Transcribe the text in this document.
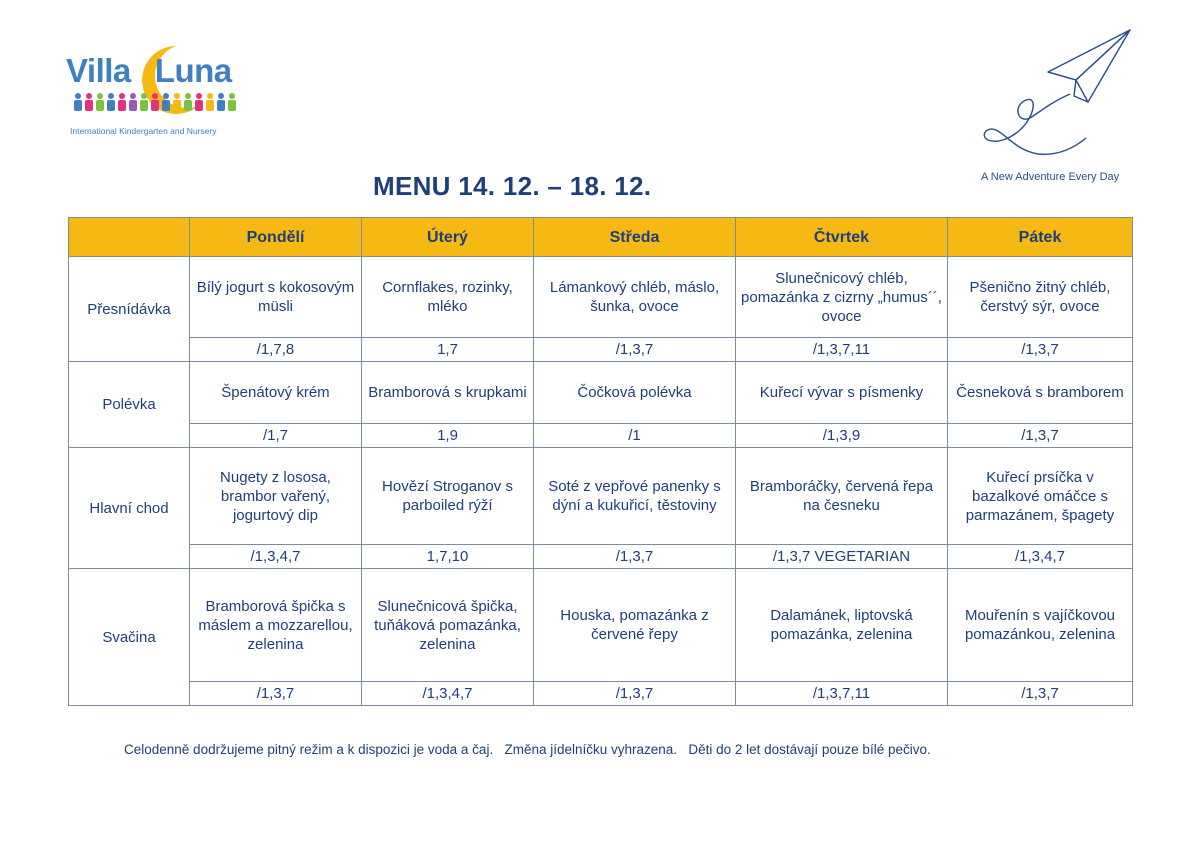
Villa Luna
International Kindergarten and Nursery
A New Adventure Every Day
MENU 14. 12. – 18. 12.
	Pondělí	Úterý	Středa	Čtvrtek	Pátek
Přesnídávka	Bílý jogurt s kokosovým müsli	Cornflakes, rozinky, mléko	Lámankový chléb, máslo, šunka, ovoce	Slunečnicový chléb, pomazánka z cizrny „humus´´, ovoce	Pšeničnо žitný chléb, čerstvý sýr, ovoce
	/1,7,8	1,7	/1,3,7	/1,3,7,11	/1,3,7
Polévka	Špenátový krém	Bramborová s krupkami	Čočková polévka	Kuřecí vývar s písmenky	Česneková s bramborem
	/1,7	1,9	/1	/1,3,9	/1,3,7
Hlavní chod	Nugety z lososa, brambor vařený, jogurtový dip	Hovězí Stroganov s parboiled rýží	Soté z vepřové panenky s dýní a kukuřicí, těstoviny	Bramboráčky, červená řepa na česneku	Kuřecí prsíčka v bazalkové omáčce s parmazánem, špagety
	/1,3,4,7	1,7,10	/1,3,7	/1,3,7 VEGETARIAN	/1,3,4,7
Svačina	Bramborová špička s máslem a mozzarellou, zelenina	Slunečnicová špička, tuňáková pomazánka, zelenina	Houska, pomazánka z červené řepy	Dalamánek, liptovská pomazánka, zelenina	Mouřenín s vajíčkovou pomazánkou, zelenina
	/1,3,7	/1,3,4,7	/1,3,7	/1,3,7,11	/1,3,7
Celodenně dodržujeme pitný režim a k dispozici je voda a čaj. Změna jídelníčku vyhrazena. Děti do 2 let dostávají pouze bílé pečivo.
